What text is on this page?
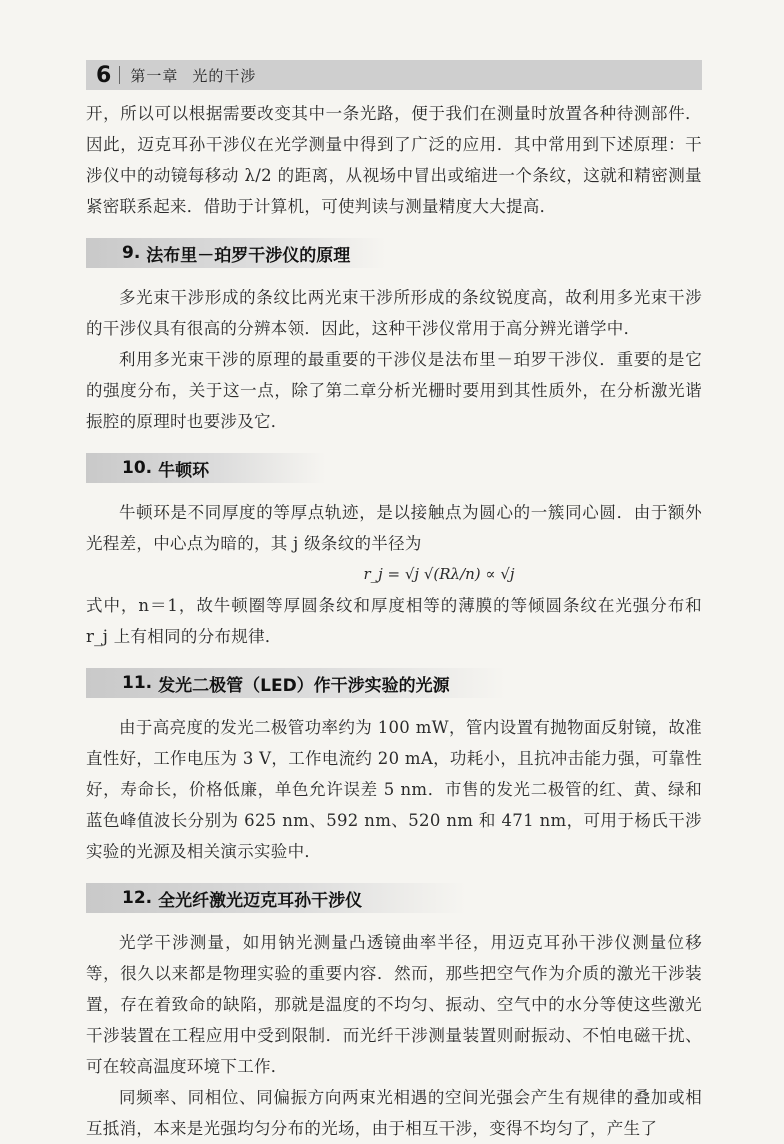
6 第一章 光的干涉

开，所以可以根据需要改变其中一条光路，便于我们在测量时放置各种待测部件．因此，迈克耳孙干涉仪在光学测量中得到了广泛的应用．其中常用到下述原理：干涉仪中的动镜每移动 λ/2 的距离，从视场中冒出或缩进一个条纹，这就和精密测量紧密联系起来．借助于计算机，可使判读与测量精度大大提高．

9. 法布里－珀罗干涉仪的原理

多光束干涉形成的条纹比两光束干涉所形成的条纹锐度高，故利用多光束干涉的干涉仪具有很高的分辨本领．因此，这种干涉仪常用于高分辨光谱学中．

利用多光束干涉的原理的最重要的干涉仪是法布里－珀罗干涉仪．重要的是它的强度分布，关于这一点，除了第二章分析光栅时要用到其性质外，在分析激光谐振腔的原理时也要涉及它．

10. 牛顿环

牛顿环是不同厚度的等厚点轨迹，是以接触点为圆心的一簇同心圆．由于额外光程差，中心点为暗的，其 j 级条纹的半径为

r_j = √j √(Rλ/n) ∝ √j

式中，n＝1，故牛顿圈等厚圆条纹和厚度相等的薄膜的等倾圆条纹在光强分布和 r_j 上有相同的分布规律．

11. 发光二极管（LED）作干涉实验的光源

由于高亮度的发光二极管功率约为 100 mW，管内设置有抛物面反射镜，故准直性好，工作电压为 3 V，工作电流约 20 mA，功耗小，且抗冲击能力强，可靠性好，寿命长，价格低廉，单色允许误差 5 nm．市售的发光二极管的红、黄、绿和蓝色峰值波长分别为 625 nm、592 nm、520 nm 和 471 nm，可用于杨氏干涉实验的光源及相关演示实验中．

12. 全光纤激光迈克耳孙干涉仪

光学干涉测量，如用钠光测量凸透镜曲率半径，用迈克耳孙干涉仪测量位移等，很久以来都是物理实验的重要内容．然而，那些把空气作为介质的激光干涉装置，存在着致命的缺陷，那就是温度的不均匀、振动、空气中的水分等使这些激光干涉装置在工程应用中受到限制．而光纤干涉测量装置则耐振动、不怕电磁干扰、可在较高温度环境下工作．

同频率、同相位、同偏振方向两束光相遇的空间光强会产生有规律的叠加或相互抵消，本来是光强均匀分布的光场，由于相互干涉，变得不均匀了，产生了
